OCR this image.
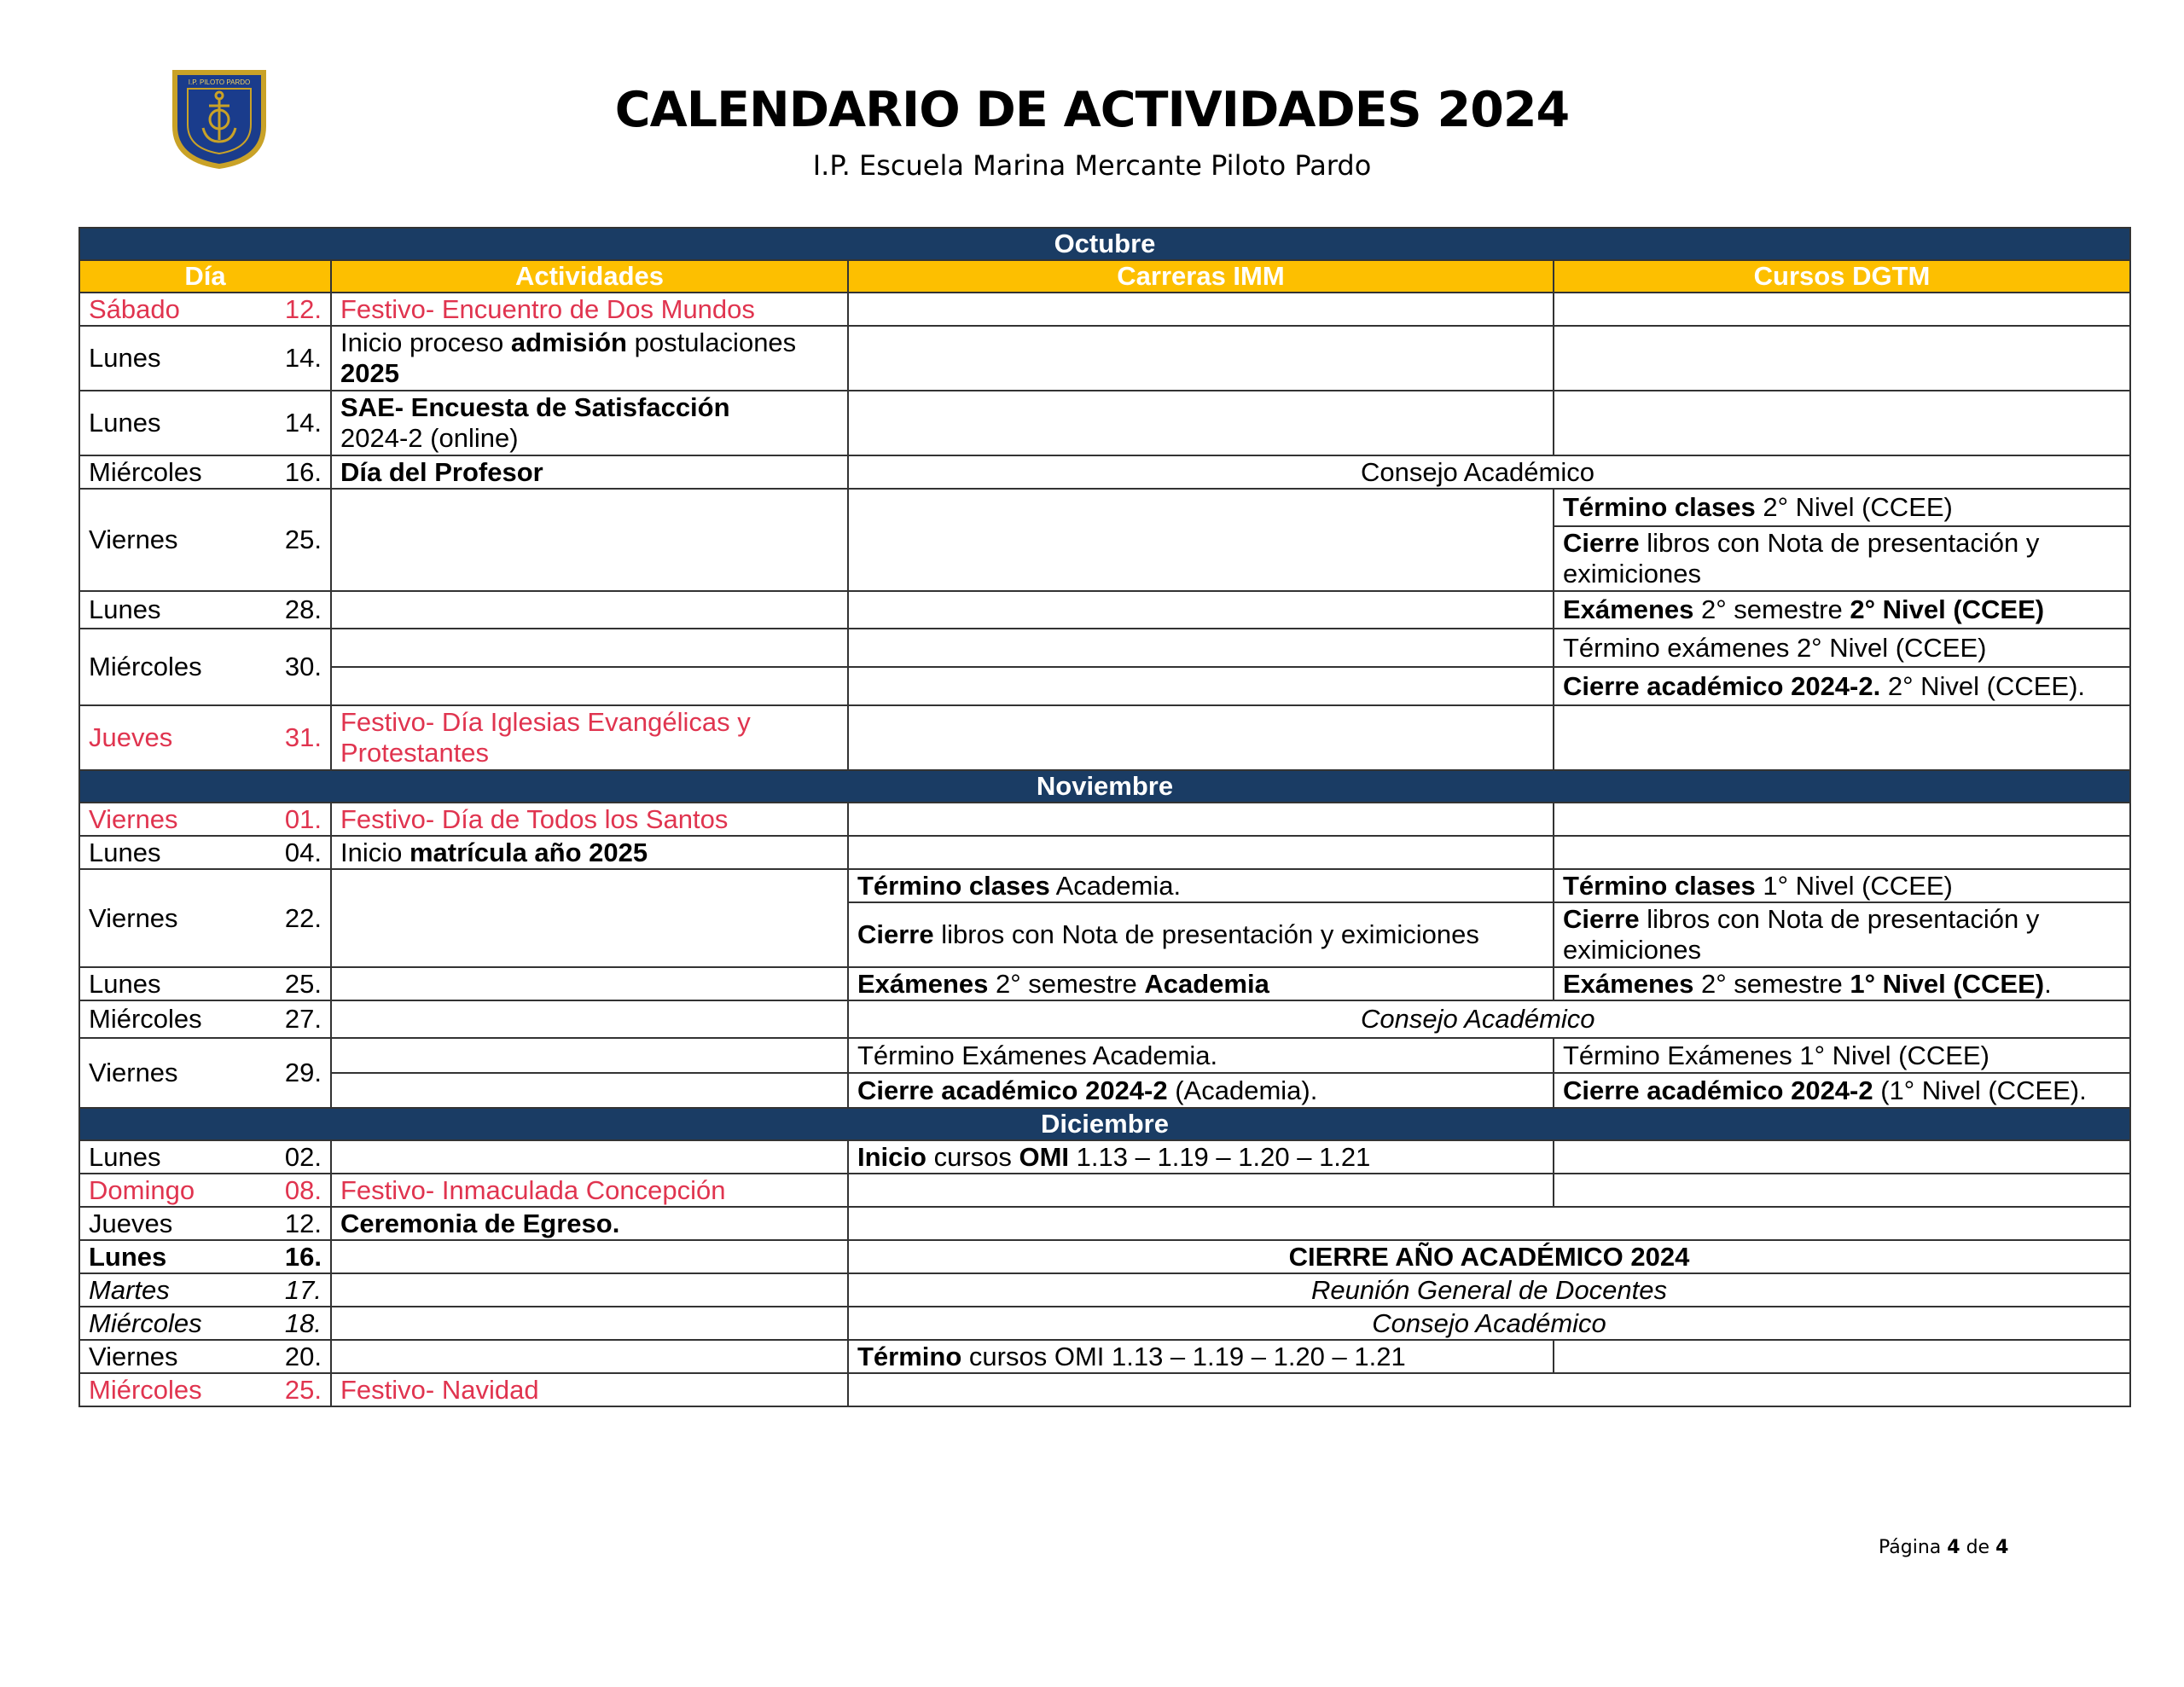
I.P. PILOTO PARDO	CALENDARIO DE ACTIVIDADES 2024
I.P. Escuela Marina Mercante Piloto Pardo
Octubre				
Día		Actividades	Carreras IMM	Cursos DGTM
Sábado	12.	Festivo- Encuentro de Dos Mundos		
Lunes	14.	Inicio proceso admisión postulaciones 2025		
Lunes	14.	SAE- Encuesta de Satisfacción
2024-2 (online)		
Miércoles	16.	Día del Profesor	Consejo Académico	
Viernes	25.			Término clases 2° Nivel (CCEE)
				Cierre libros con Nota de presentación y eximiciones
Lunes	28.			Exámenes 2° semestre 2° Nivel (CCEE)
Miércoles	30.			Término exámenes 2° Nivel (CCEE)
				Cierre académico 2024-2. 2° Nivel (CCEE).
Jueves	31.	Festivo- Día Iglesias Evangélicas y Protestantes		
Noviembre				
Viernes	01.	Festivo- Día de Todos los Santos		
Lunes	04.	Inicio matrícula año 2025		
Viernes	22.		Término clases Academia.	Término clases 1° Nivel (CCEE)
			Cierre libros con Nota de presentación y eximiciones	Cierre libros con Nota de presentación y eximiciones
Lunes	25.		Exámenes 2° semestre Academia	Exámenes 2° semestre 1° Nivel (CCEE).
Miércoles	27.		Consejo Académico	
Viernes	29.		Término Exámenes Academia.	Término Exámenes 1° Nivel (CCEE)
			Cierre académico 2024-2 (Academia).	Cierre académico 2024-2 (1° Nivel (CCEE).
Diciembre				
Lunes	02.		Inicio cursos OMI 1.13 – 1.19 – 1.20 – 1.21	
Domingo	08.	Festivo- Inmaculada Concepción		
Jueves	12.	Ceremonia de Egreso.		
Lunes	16.		CIERRE AÑO ACADÉMICO 2024	
Martes	17.		Reunión General de Docentes	
Miércoles	18.		Consejo Académico	
Viernes	20.		Término cursos OMI 1.13 – 1.19 – 1.20 – 1.21	
Miércoles	25.	Festivo- Navidad		
Página 4 de 4
